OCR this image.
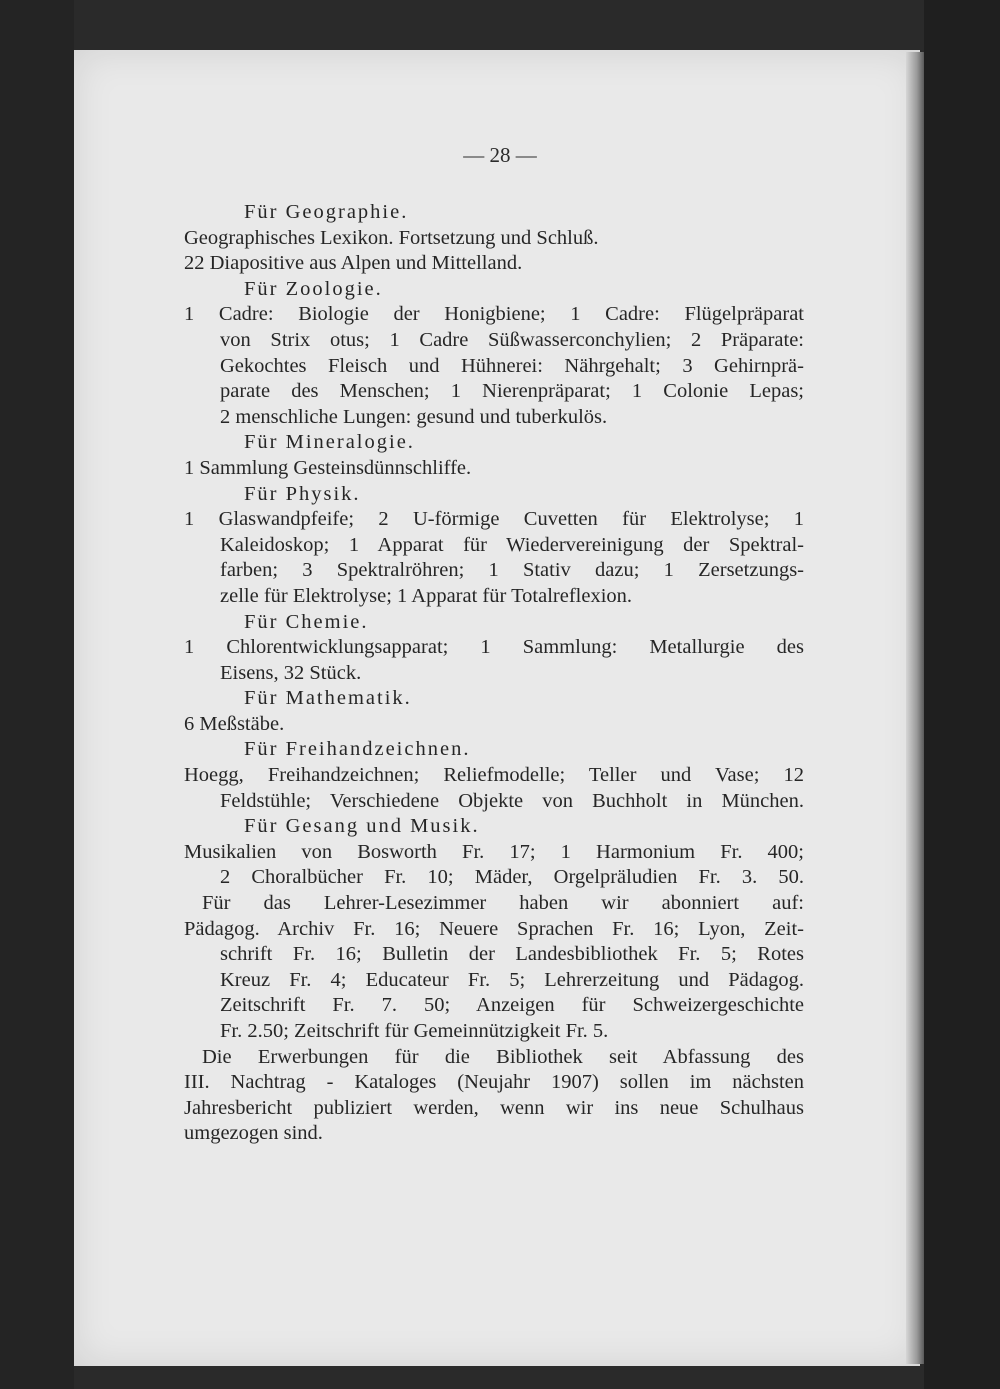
— 28 —
Für Geographie.
Geographisches Lexikon. Fortsetzung und Schluß.
22 Diapositive aus Alpen und Mittelland.
Für Zoologie.
1 Cadre: Biologie der Honigbiene; 1 Cadre: Flügelpräparat
von Strix otus; 1 Cadre Süßwasserconchylien; 2 Präparate:
Gekochtes Fleisch und Hühnerei: Nährgehalt; 3 Gehirnprä-
parate des Menschen; 1 Nierenpräparat; 1 Colonie Lepas;
2 menschliche Lungen: gesund und tuberkulös.
Für Mineralogie.
1 Sammlung Gesteinsdünnschliffe.
Für Physik.
1 Glaswandpfeife; 2 U-förmige Cuvetten für Elektrolyse; 1
Kaleidoskop; 1 Apparat für Wiedervereinigung der Spektral-
farben; 3 Spektralröhren; 1 Stativ dazu; 1 Zersetzungs-
zelle für Elektrolyse; 1 Apparat für Totalreflexion.
Für Chemie.
1 Chlorentwicklungsapparat; 1 Sammlung: Metallurgie des
Eisens, 32 Stück.
Für Mathematik.
6 Meßstäbe.
Für Freihandzeichnen.
Hoegg, Freihandzeichnen; Reliefmodelle; Teller und Vase; 12
Feldstühle; Verschiedene Objekte von Buchholt in München.
Für Gesang und Musik.
Musikalien von Bosworth Fr. 17; 1 Harmonium Fr. 400;
2 Choralbücher Fr. 10; Mäder, Orgelpräludien Fr. 3. 50.
Für das Lehrer-Lesezimmer haben wir abonniert auf:
Pädagog. Archiv Fr. 16; Neuere Sprachen Fr. 16; Lyon, Zeit-
schrift Fr. 16; Bulletin der Landesbibliothek Fr. 5; Rotes
Kreuz Fr. 4; Educateur Fr. 5; Lehrerzeitung und Pädagog.
Zeitschrift Fr. 7. 50; Anzeigen für Schweizergeschichte
Fr. 2.50; Zeitschrift für Gemeinnützigkeit Fr. 5.
Die Erwerbungen für die Bibliothek seit Abfassung des
III. Nachtrag - Kataloges (Neujahr 1907) sollen im nächsten
Jahresbericht publiziert werden, wenn wir ins neue Schulhaus
umgezogen sind.
